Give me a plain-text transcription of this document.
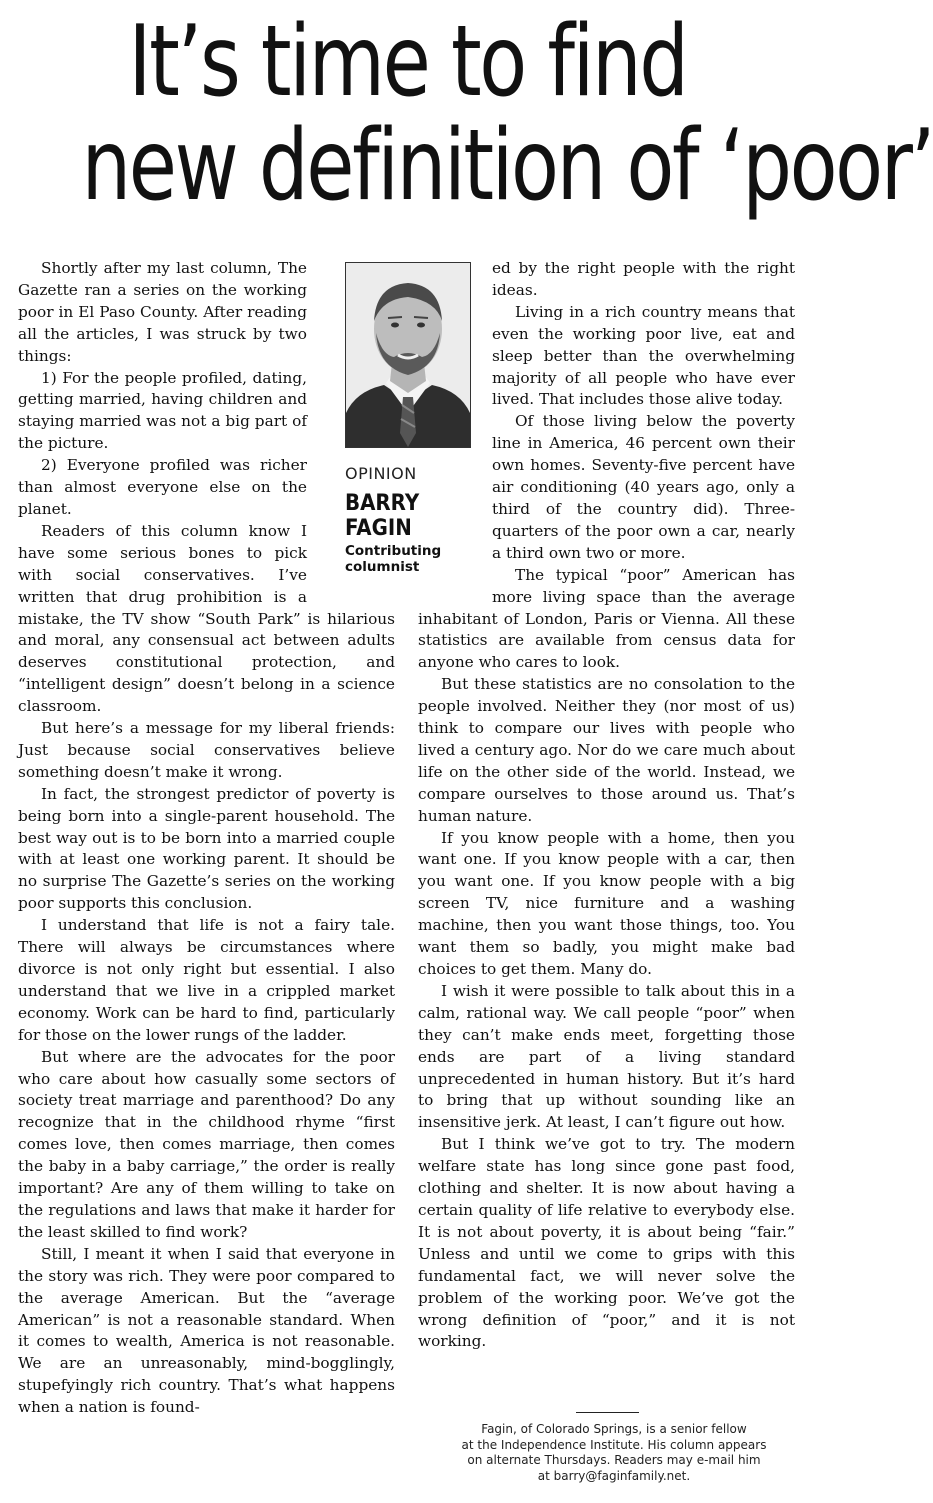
It’s time to find
new definition of ‘poor’

Shortly after my last column, The Gazette ran a series on the working poor in El Paso County. After reading all the articles, I was struck by two things:

1) For the people profiled, dating, getting married, having children and staying married was not a big part of the picture.

2) Everyone profiled was richer than almost everyone else on the planet.

Readers of this column know I have some serious bones to pick with social conservatives. I’ve written that drug prohibition is a mistake, the TV show “South Park” is hilarious and moral, any consensual act between adults deserves constitutional protection, and “intelligent design” doesn’t belong in a science classroom.

But here’s a message for my liberal friends: Just because social conservatives believe something doesn’t make it wrong.

In fact, the strongest predictor of poverty is being born into a single-parent household. The best way out is to be born into a married couple with at least one working parent. It should be no surprise The Gazette’s series on the working poor supports this conclusion.

I understand that life is not a fairy tale. There will always be circumstances where divorce is not only right but essential. I also understand that we live in a crippled market economy. Work can be hard to find, particularly for those on the lower rungs of the ladder.

But where are the advocates for the poor who care about how casually some sectors of society treat marriage and parenthood? Do any recognize that in the childhood rhyme “first comes love, then comes marriage, then comes the baby in a baby carriage,” the order is really important? Are any of them willing to take on the regulations and laws that make it harder for the least skilled to find work?

Still, I meant it when I said that everyone in the story was rich. They were poor compared to the average American. But the “average American” is not a reasonable standard. When it comes to wealth, America is not reasonable. We are an unreasonably, mind-bogglingly, stupefyingly rich country. That’s what happens when a nation is found-

ed by the right people with the right ideas.

Living in a rich country means that even the working poor live, eat and sleep better than the overwhelming majority of all people who have ever lived. That includes those alive today.

Of those living below the poverty line in America, 46 percent own their own homes. Seventy-five percent have air conditioning (40 years ago, only a third of the country did). Three-quarters of the poor own a car, nearly a third own two or more.

The typical “poor” American has more living space than the average inhabitant of London, Paris or Vienna. All these statistics are available from census data for anyone who cares to look.

But these statistics are no consolation to the people involved. Neither they (nor most of us) think to compare our lives with people who lived a century ago. Nor do we care much about life on the other side of the world. Instead, we compare ourselves to those around us. That’s human nature.

If you know people with a home, then you want one. If you know people with a car, then you want one. If you know people with a big screen TV, nice furniture and a washing machine, then you want those things, too. You want them so badly, you might make bad choices to get them. Many do.

I wish it were possible to talk about this in a calm, rational way. We call people “poor” when they can’t make ends meet, forgetting those ends are part of a living standard unprecedented in human history. But it’s hard to bring that up without sounding like an insensitive jerk. At least, I can’t figure out how.

But I think we’ve got to try. The modern welfare state has long since gone past food, clothing and shelter. It is now about having a certain quality of life relative to everybody else. It is not about poverty, it is about being “fair.” Unless and until we come to grips with this fundamental fact, we will never solve the problem of the working poor. We’ve got the wrong definition of “poor,” and it is not working.

OPINION
BARRY
FAGIN
Contributing
columnist
Fagin, of Colorado Springs, is a senior fellow
at the Independence Institute. His column appears
on alternate Thursdays. Readers may e-mail him
at barry@faginfamily.net.
